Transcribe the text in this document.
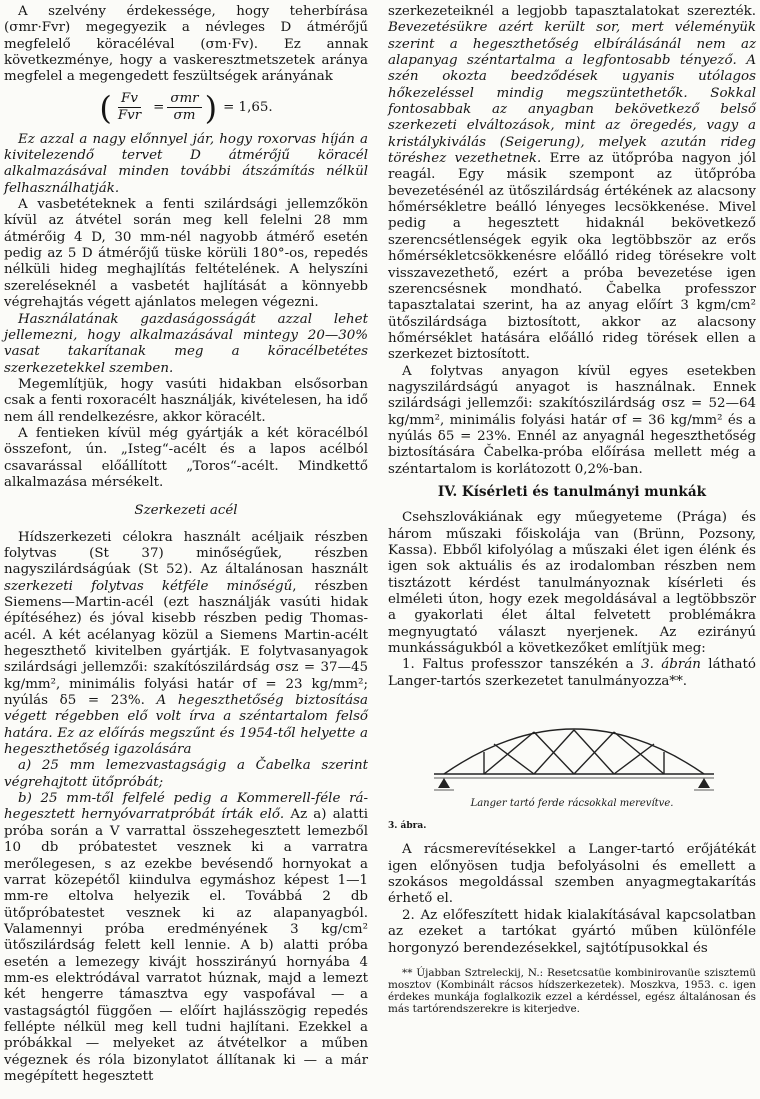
A szelvény érdekessége, hogy teherbírása (σmr·Fvr) megegyezik a névleges D átmérőjű megfelelő köracéléval (σm·Fv). Ez annak következménye, hogy a vaskeresztmetszetek aránya megfelel a megengedett feszültségek arányának

( $\frac{Fv}{\text{Fvr}} = \frac{\text{σmr}}{\sigma m}$ ) = 1,65.

Ez azzal a nagy előnnyel jár, hogy roxorvas híján a kivitelezendő tervet D átmérőjű köracél alkalmazásával minden további átszámítás nélkül felhasználhatják.

A vasbetéteknek a fenti szilárdsági jellemzőkön kívül az átvétel során meg kell felelni 28 mm átmérőig 4 D, 30 mm-nél nagyobb átmérő esetén pedig az 5 D átmérőjű tüske körüli 180°-os, repedés nélküli hideg meghajlítás feltételének. A helyszíni szereléseknél a vasbetét hajlítását a könnyebb végrehajtás végett ajánlatos melegen végezni.

Használatának gazdaságosságát azzal lehet jellemezni, hogy alkalmazásával mintegy 20—30% vasat takarítanak meg a köracélbetétes szerkezetekkel szemben.

Megemlítjük, hogy vasúti hidakban elsősorban csak a fenti roxoracélt használják, kivételesen, ha idő nem áll rendelkezésre, akkor köracélt.

A fentieken kívül még gyártják a két köracélból összefont, ún. „Isteg“-acélt és a lapos acélból csavarással előállított „Toros“-acélt. Mindkettő alkalmazása mérsékelt.

Szerkezeti acél

Hídszerkezeti célokra használt acéljaik részben folytvas (St 37) minőségűek, részben nagyszilárdságúak (St 52). Az általánosan használt szerkezeti folytvas kétféle minőségű, részben Siemens—Martin-acél (ezt használják vasúti hidak építéséhez) és jóval kisebb részben pedig Thomas-acél. A két acélanyag közül a Siemens Martin-acélt hegeszthető kivitelben gyártják. E folytvasanyagok szilárdsági jellemzői: szakítószilárdság σsz = 37—45 kg/mm², minimális folyási határ σf = 23 kg/mm²; nyúlás δ5 = 23%. A hegeszthetőség biztosítása végett régebben elő volt írva a széntartalom felső határa. Ez az előírás megszűnt és 1954-től helyette a hegeszthetőség igazolására

a) 25 mm lemezvastagságig a Čabelka szerint végrehajtott ütőpróbát;

b) 25 mm-től felfelé pedig a Kommerell-féle rá-hegesztett hernyóvarratpróbát írták elő. Az a) alatti próba során a V varrattal összehegesztett lemezből 10 db próbatestet vesznek ki a varratra merőlegesen, s az ezekbe bevésendő hornyokat a varrat közepétől kiindulva egymáshoz képest 1—1 mm-re eltolva helyezik el. Továbbá 2 db ütőpróbatestet vesznek ki az alapanyagból. Valamennyi próba eredményének 3 kg/cm² ütőszilárdság felett kell lennie. A b) alatti próba esetén a lemezegy kivájt hosszirányú hornyába 4 mm-es elektródával varratot húznak, majd a lemezt két hengerre támasztva egy vaspofával — a vastagságtól függően — előírt hajlásszögig repedés fellépte nélkül meg kell tudni hajlítani. Ezekkel a próbákkal — melyeket az átvételkor a műben végeznek és róla bizonylatot állítanak ki — a már megépített hegesztett

szerkezeteiknél a legjobb tapasztalatokat szerezték. Bevezetésükre azért került sor, mert véleményük szerint a hegeszthetőség elbírálásánál nem az alapanyag széntartalma a legfontosabb tényező. A szén okozta beedződések ugyanis utólagos hőkezeléssel mindig megszüntethetők. Sokkal fontosabbak az anyagban bekövetkező belső szerkezeti elváltozások, mint az öregedés, vagy a kristálykiválás (Seigerung), melyek azután rideg töréshez vezethetnek. Erre az ütőpróba nagyon jól reagál. Egy másik szempont az ütőpróba bevezetésénél az ütőszilárdság értékének az alacsony hőmérsékletre beálló lényeges lecsökkenése. Mivel pedig a hegesztett hidaknál bekövetkező szerencsétlenségek egyik oka legtöbbször az erős hőmérsékletcsökkenésre előálló rideg törésekre volt visszavezethető, ezért a próba bevezetése igen szerencsésnek mondható. Čabelka professzor tapasztalatai szerint, ha az anyag előírt 3 kgm/cm² ütőszilárdsága biztosított, akkor az alacsony hőmérséklet hatására előálló rideg törések ellen a szerkezet biztosított.

A folytvas anyagon kívül egyes esetekben nagyszilárdságú anyagot is használnak. Ennek szilárdsági jellemzői: szakítószilárdság σsz = 52—64 kg/mm², minimális folyási határ σf = 36 kg/mm² és a nyúlás δ5 = 23%. Ennél az anyagnál hegeszthetőség biztosítására Čabelka-próba előírása mellett még a széntartalom is korlátozott 0,2%-ban.

IV. Kísérleti és tanulmányi munkák

Csehszlovákiának egy műegyeteme (Prága) és három műszaki főiskolája van (Brünn, Pozsony, Kassa). Ebből kifolyólag a műszaki élet igen élénk és igen sok aktuális és az irodalomban részben nem tisztázott kérdést tanulmányoznak kísérleti és elméleti úton, hogy ezek megoldásával a legtöbbször a gyakorlati élet által felvetett problémákra megnyugtató választ nyerjenek. Az ezirányú munkásságukból a következőket említjük meg:

1. Faltus professzor tanszékén a 3. ábrán látható Langer-tartós szerkezetet tanulmányozza**.

Langer tartó ferde rácsokkal merevítve.
3. ábra.

A rácsmerevítésekkel a Langer-tartó erőjátékát igen előnyösen tudja befolyásolni és emellett a szokásos megoldással szemben anyagmegtakarítás érhető el.

2. Az előfeszített hidak kialakításával kapcsolatban az ezeket a tartókat gyártó műben különféle horgonyzó berendezésekkel, sajtótípusokkal és

** Újabban Sztreleckij, N.: Resetcsatüe kombinirovanüe szisztemü mosztov (Kombinált rácsos hídszerkezetek). Moszkva, 1953. c. igen érdekes munkája foglalkozik ezzel a kérdéssel, egész általánosan és más tartórendszerekre is kiterjedve.
